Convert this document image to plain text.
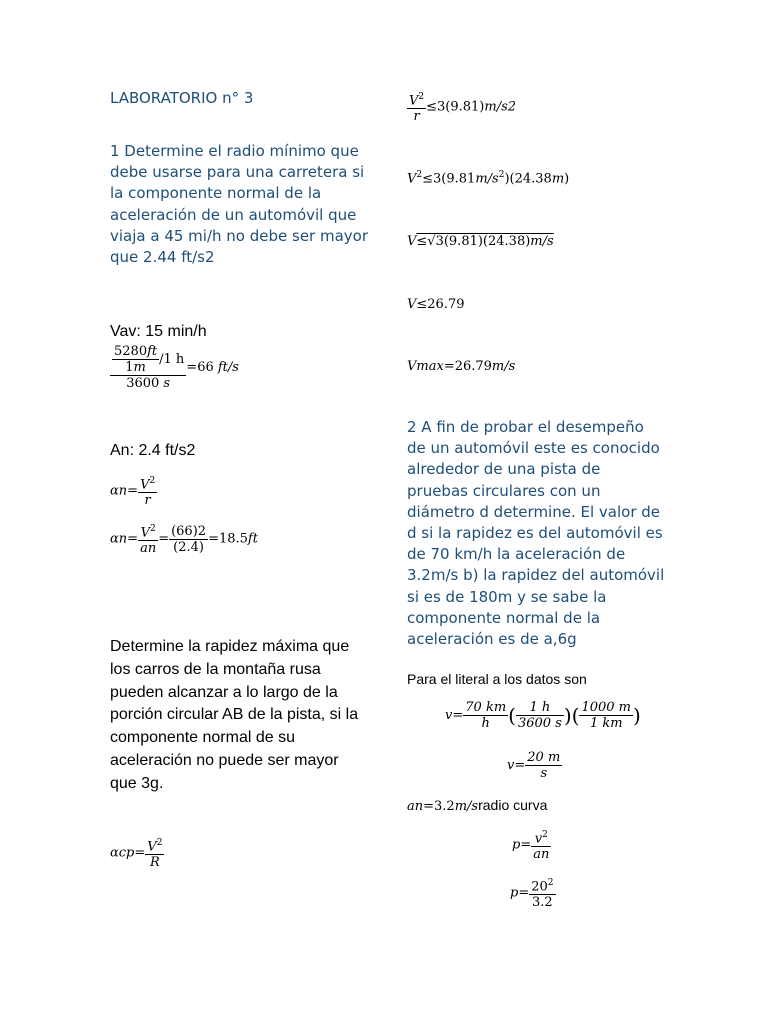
LABORATORIO n° 3
1 Determine el radio mínimo que debe usarse para una carretera si la componente normal de la aceleración de un automóvil que viaja a 45 mi/h no debe ser mayor que 2.44 ft/s2
Vav: 15 min/h
$\frac{\frac{5280ft}{1m} /1 h}{3600 s} =66$ ft/s
An: 2.4 ft/s2
$\alpha n= \frac{V^2}{r}$
$\alpha n= \frac{V^2}{an} = \frac{(66)2}{(2.4)} =18.5ft$
Determine la rapidez máxima que los carros de la montaña rusa pueden alcanzar a lo largo de la porción circular AB de la pista, si la componente normal de su aceleración no puede ser mayor que 3g.
$\alpha cp= \frac{V^2}{R}$
$\frac{V^2}{r} \le 3(9.81)m/s2$
$V^2\le 3(9.81m/s^2)(24.38m)$
V≤√3(9.81)(24.38)m/s
V≤26.79
Vmax=26.79m/s
2 A fin de probar el desempeño de un automóvil este es conocido alrededor de una pista de pruebas circulares con un diámetro d determine. El valor de d si la rapidez es del automóvil es de 70 km/h la aceleración de 3.2m/s b) la rapidez del automóvil si es de 180m y se sabe la componente normal de la aceleración es de a,6g
Para el literal a los datos son
$v= \frac{70 km}{h}$ ( $\frac{1 h}{3600 s}$ )( $\frac{1000 m}{1 km}$ )
$v= \frac{20 m}{s}$
an=3.2m/sradio curva
$p= \frac{v^2}{an}$
$p= \frac{20^2}{3.2}$
